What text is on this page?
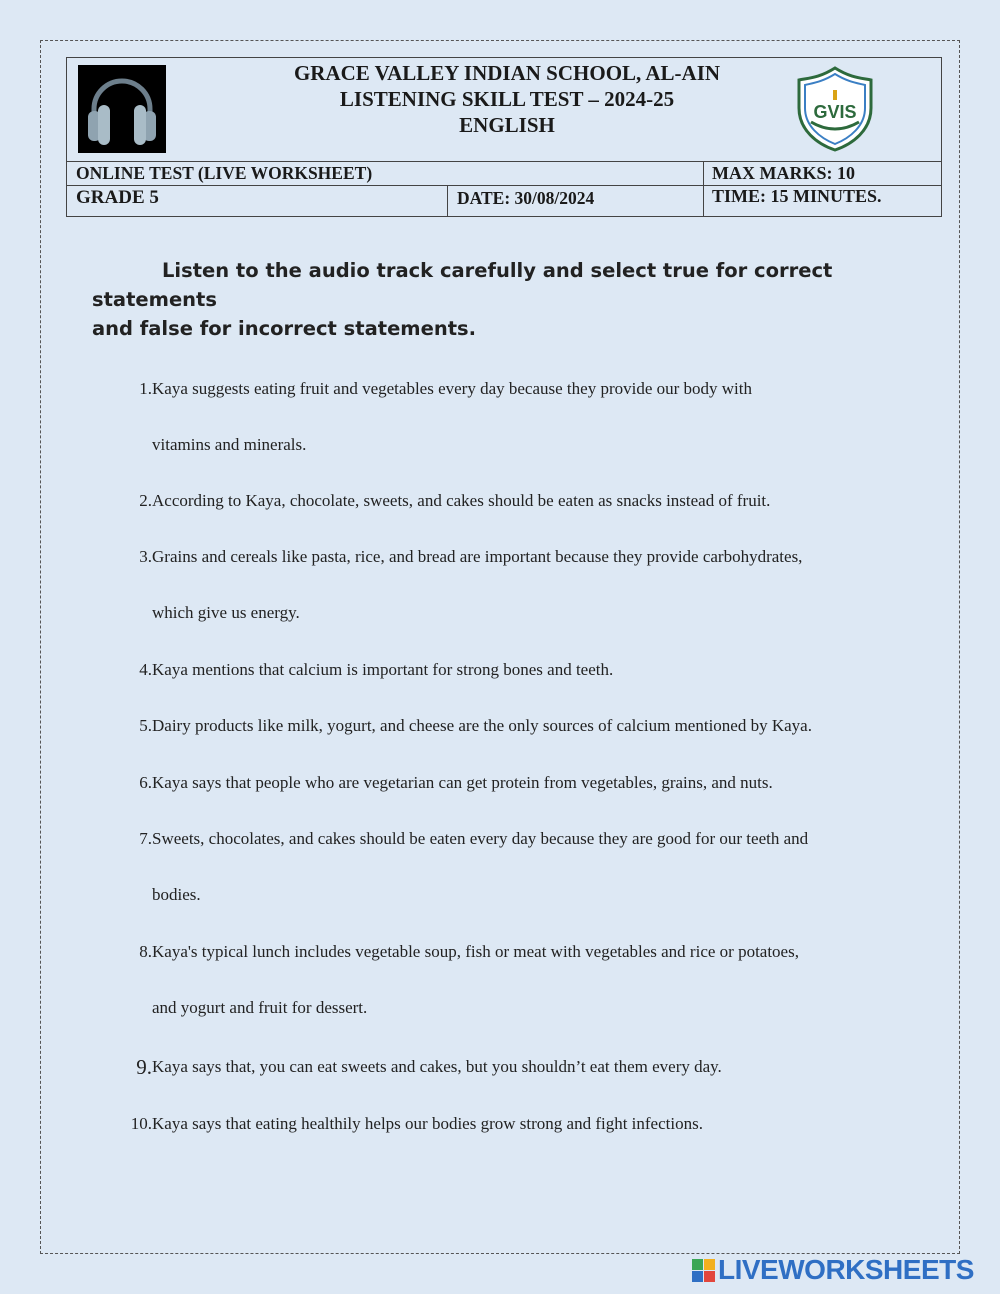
GRACE VALLEY INDIAN SCHOOL, AL-AIN
LISTENING SKILL TEST – 2024-25
ENGLISH
GVIS
ONLINE TEST (LIVE WORKSHEET)
GRADE 5	DATE: 30/08/2024
MAX MARKS: 10
TIME: 15 MINUTES.
Listen to the audio track carefully and select true for correct statements
and false for incorrect statements.
1. Kaya suggests eating fruit and vegetables every day because they provide our body with
vitamins and minerals.
2. According to Kaya, chocolate, sweets, and cakes should be eaten as snacks instead of fruit.
3. Grains and cereals like pasta, rice, and bread are important because they provide carbohydrates,
which give us energy.
4. Kaya mentions that calcium is important for strong bones and teeth.
5. Dairy products like milk, yogurt, and cheese are the only sources of calcium mentioned by Kaya.
6. Kaya says that people who are vegetarian can get protein from vegetables, grains, and nuts.
7. Sweets, chocolates, and cakes should be eaten every day because they are good for our teeth and
bodies.
8. Kaya's typical lunch includes vegetable soup, fish or meat with vegetables and rice or potatoes,
and yogurt and fruit for dessert.
9. Kaya says that, you can eat sweets and cakes, but you shouldn’t eat them every day.
10. Kaya says that eating healthily helps our bodies grow strong and fight infections.
LIVEWORKSHEETS
